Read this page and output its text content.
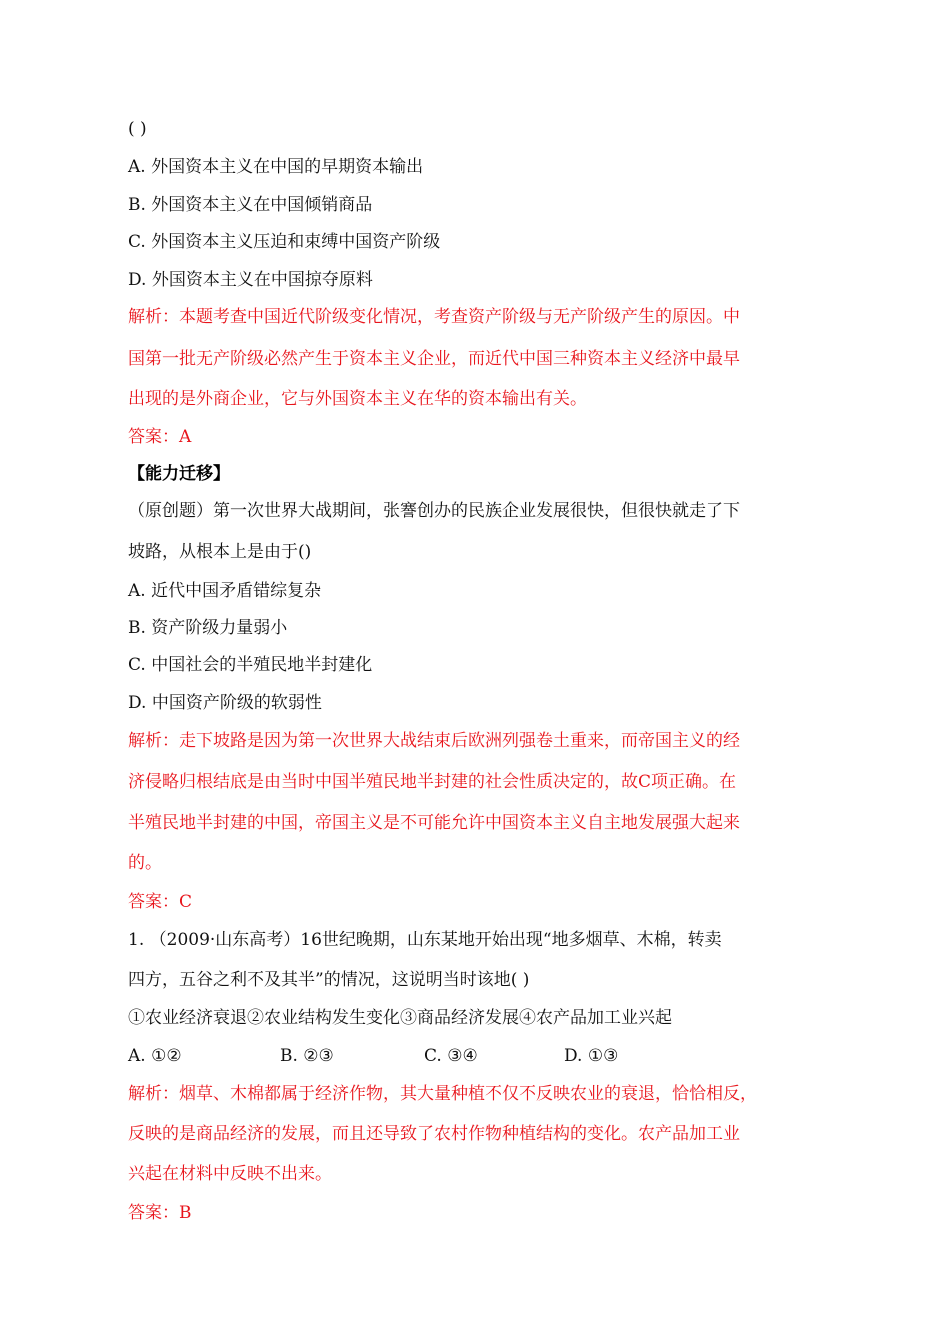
( )
A. 外国资本主义在中国的早期资本输出
B. 外国资本主义在中国倾销商品
C. 外国资本主义压迫和束缚中国资产阶级
D. 外国资本主义在中国掠夺原料
解析：本题考查中国近代阶级变化情况，考查资产阶级与无产阶级产生的原因。中
国第一批无产阶级必然产生于资本主义企业，而近代中国三种资本主义经济中最早
出现的是外商企业，它与外国资本主义在华的资本输出有关。
答案：A
【能力迁移】
（原创题）第一次世界大战期间，张謇创办的民族企业发展很快，但很快就走了下
坡路，从根本上是由于()
A. 近代中国矛盾错综复杂
B. 资产阶级力量弱小
C. 中国社会的半殖民地半封建化
D. 中国资产阶级的软弱性
解析：走下坡路是因为第一次世界大战结束后欧洲列强卷土重来，而帝国主义的经
济侵略归根结底是由当时中国半殖民地半封建的社会性质决定的，故C项正确。在
半殖民地半封建的中国，帝国主义是不可能允许中国资本主义自主地发展强大起来
的。
答案：C
1. （2009·山东高考）16世纪晚期，山东某地开始出现“地多烟草、木棉，转卖
四方，五谷之利不及其半”的情况，这说明当时该地( )
①农业经济衰退②农业结构发生变化③商品经济发展④农产品加工业兴起
A. ①②	B. ②③	C. ③④	D. ①③
解析：烟草、木棉都属于经济作物，其大量种植不仅不反映农业的衰退，恰恰相反，
反映的是商品经济的发展，而且还导致了农村作物种植结构的变化。农产品加工业
兴起在材料中反映不出来。
答案：B
